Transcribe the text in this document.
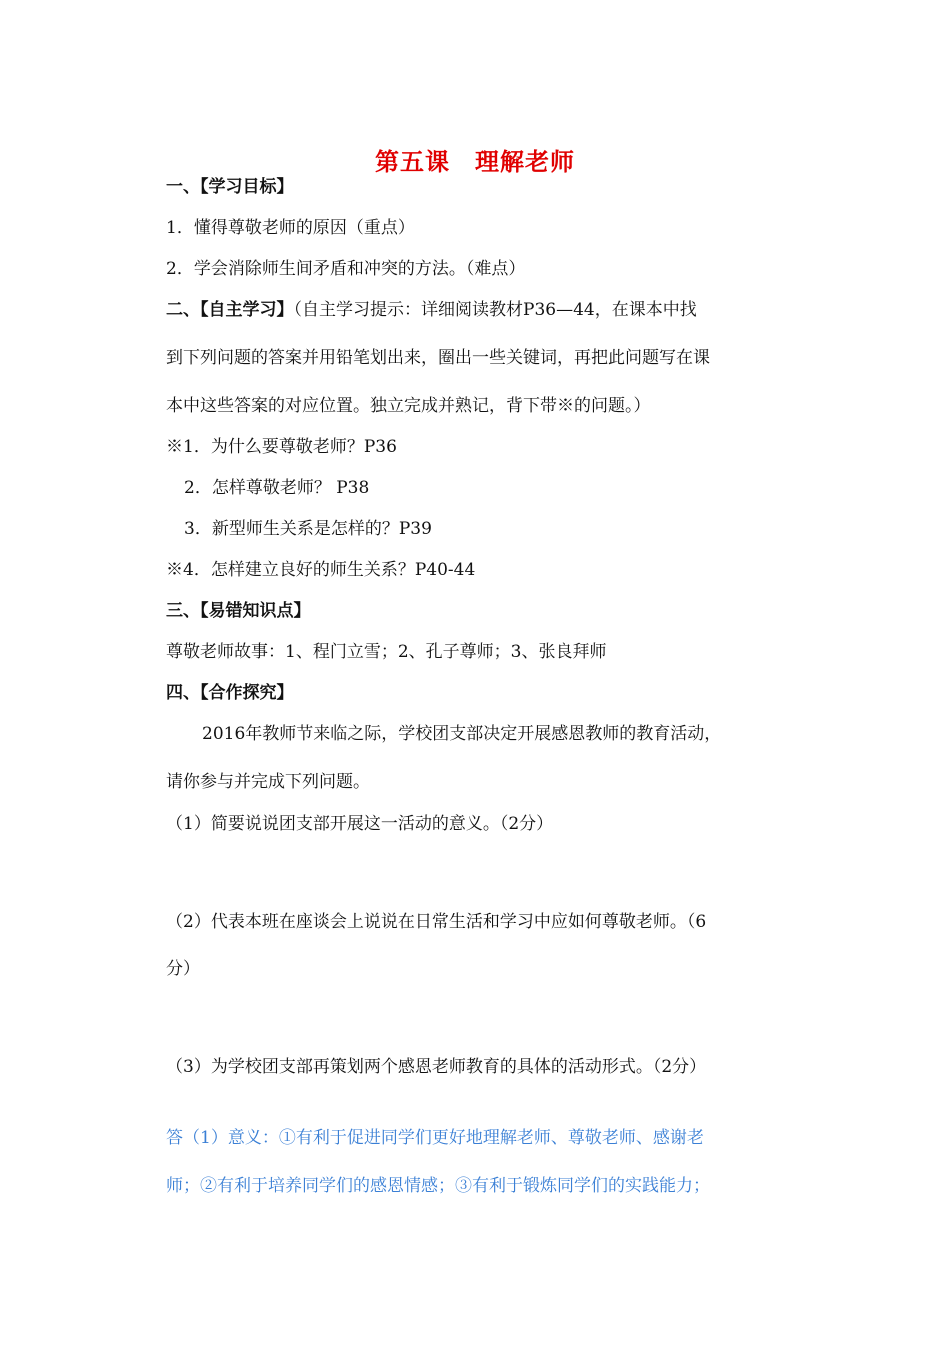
第五课　理解老师
一、【学习目标】
1．懂得尊敬老师的原因（重点）
2．学会消除师生间矛盾和冲突的方法。（难点）
二、【自主学习】（自主学习提示：详细阅读教材P36—44，在课本中找
到下列问题的答案并用铅笔划出来，圈出一些关键词，再把此问题写在课
本中这些答案的对应位置。独立完成并熟记，背下带※的问题。）
※1．为什么要尊敬老师？P36
2．怎样尊敬老师？ P38
3．新型师生关系是怎样的？P39
※4．怎样建立良好的师生关系？P40-44
三、【易错知识点】
尊敬老师故事：1、程门立雪；2、孔子尊师；3、张良拜师
四、【合作探究】
2016年教师节来临之际，学校团支部决定开展感恩教师的教育活动，
请你参与并完成下列问题。
（1）简要说说团支部开展这一活动的意义。（2分）
（2）代表本班在座谈会上说说在日常生活和学习中应如何尊敬老师。（6
分）
（3）为学校团支部再策划两个感恩老师教育的具体的活动形式。（2分）
答（1）意义：①有利于促进同学们更好地理解老师、尊敬老师、感谢老
师；②有利于培养同学们的感恩情感；③有利于锻炼同学们的实践能力；
